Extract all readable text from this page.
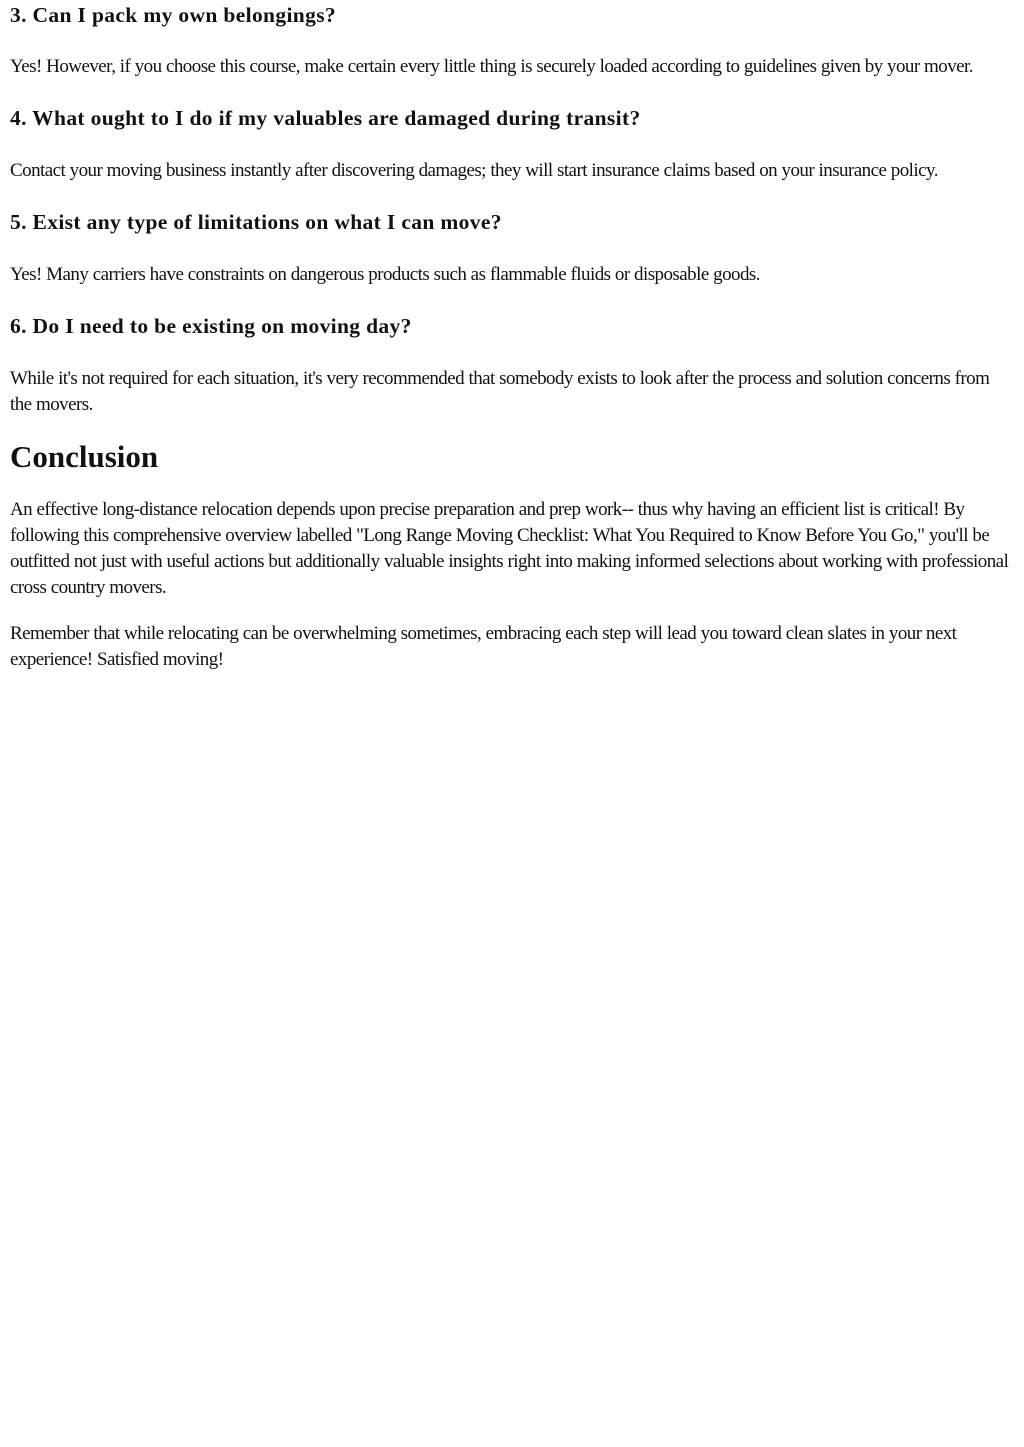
3. Can I pack my own belongings?

Yes! However, if you choose this course, make certain every little thing is securely loaded according to guidelines given by your mover.

4. What ought to I do if my valuables are damaged during transit?

Contact your moving business instantly after discovering damages; they will start insurance claims based on your insurance policy.

5. Exist any type of limitations on what I can move?

Yes! Many carriers have constraints on dangerous products such as flammable fluids or disposable goods.

6. Do I need to be existing on moving day?

While it's not required for each situation, it's very recommended that somebody exists to look after the process and solution concerns from the movers.

Conclusion

An effective long-distance relocation depends upon precise preparation and prep work-- thus why having an efficient list is critical! By following this comprehensive overview labelled "Long Range Moving Checklist: What You Required to Know Before You Go," you'll be outfitted not just with useful actions but additionally valuable insights right into making informed selections about working with professional cross country movers.

Remember that while relocating can be overwhelming sometimes, embracing each step will lead you toward clean slates in your next experience! Satisfied moving!
